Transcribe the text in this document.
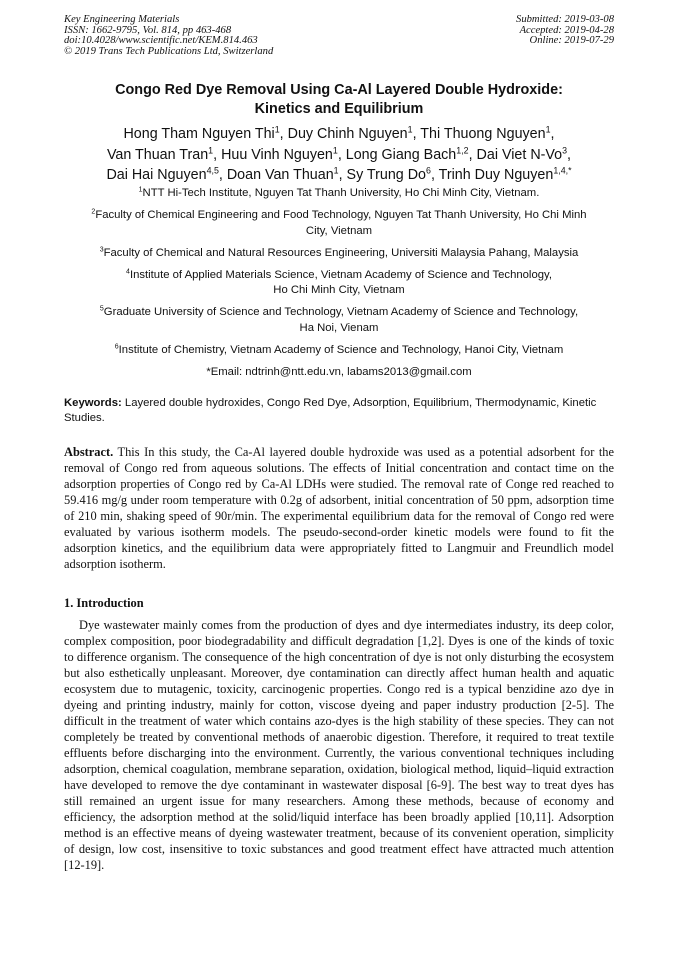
Key Engineering Materials
ISSN: 1662-9795, Vol. 814, pp 463-468
doi:10.4028/www.scientific.net/KEM.814.463
© 2019 Trans Tech Publications Ltd, Switzerland
Submitted: 2019-03-08
Accepted: 2019-04-28
Online: 2019-07-29
Congo Red Dye Removal Using Ca-Al Layered Double Hydroxide:
Kinetics and Equilibrium

Hong Tham Nguyen Thi$^1$, Duy Chinh Nguyen$^1$, Thi Thuong Nguyen$^1$,
Van Thuan Tran$^1$, Huu Vinh Nguyen$^1$, Long Giang Bach$^{1,2}$, Dai Viet N-Vo$^3$,
Dai Hai Nguyen$^{4,5}$, Doan Van Thuan$^1$, Sy Trung Do$^6$, Trinh Duy Nguyen$^{1,4,*}$

$^1$NTT Hi-Tech Institute, Nguyen Tat Thanh University, Ho Chi Minh City, Vietnam.

$^2$Faculty of Chemical Engineering and Food Technology, Nguyen Tat Thanh University, Ho Chi Minh
City, Vietnam

$^3$Faculty of Chemical and Natural Resources Engineering, Universiti Malaysia Pahang, Malaysia

$^4$Institute of Applied Materials Science, Vietnam Academy of Science and Technology,
Ho Chi Minh City, Vietnam

$^5$Graduate University of Science and Technology, Vietnam Academy of Science and Technology,
Ha Noi, Vienam

$^6$Institute of Chemistry, Vietnam Academy of Science and Technology, Hanoi City, Vietnam

*Email: ndtrinh@ntt.edu.vn, labams2013@gmail.com

Keywords: Layered double hydroxides, Congo Red Dye, Adsorption, Equilibrium, Thermodynamic, Kinetic Studies.

Abstract. This In this study, the Ca-Al layered double hydroxide was used as a potential adsorbent for the removal of Congo red from aqueous solutions. The effects of Initial concentration and contact time on the adsorption properties of Congo red by Ca-Al LDHs were studied. The removal rate of Conge red reached to 59.416 mg/g under room temperature with 0.2g of adsorbent, initial concentration of 50 ppm, adsorption time of 210 min, shaking speed of 90r/min. The experimental equilibrium data for the removal of Congo red were evaluated by various isotherm models. The pseudo-second-order kinetic models were found to fit the adsorption kinetics, and the equilibrium data were appropriately fitted to Langmuir and Freundlich model adsorption isotherm.

1. Introduction

Dye wastewater mainly comes from the production of dyes and dye intermediates industry, its deep color, complex composition, poor biodegradability and difficult degradation [1,2]. Dyes is one of the kinds of toxic to difference organism. The consequence of the high concentration of dye is not only disturbing the ecosystem but also esthetically unpleasant. Moreover, dye contamination can directly affect human health and aquatic ecosystem due to mutagenic, toxicity, carcinogenic properties. Congo red is a typical benzidine azo dye in dyeing and printing industry, mainly for cotton, viscose dyeing and paper industry production [2-5]. The difficult in the treatment of water which contains azo-dyes is the high stability of these species. They can not completely be treated by conventional methods of anaerobic digestion. Therefore, it required to treat textile effluents before discharging into the environment. Currently, the various conventional techniques including adsorption, chemical coagulation, membrane separation, oxidation, biological method, liquid–liquid extraction have developed to remove the dye contaminant in wastewater disposal [6-9]. The best way to treat dyes has still remained an urgent issue for many researchers. Among these methods, because of economy and efficiency, the adsorption method at the solid/liquid interface has been broadly applied [10,11]. Adsorption method is an effective means of dyeing wastewater treatment, because of its convenient operation, simplicity of design, low cost, insensitive to toxic substances and good treatment effect have attracted much attention [12-19].
